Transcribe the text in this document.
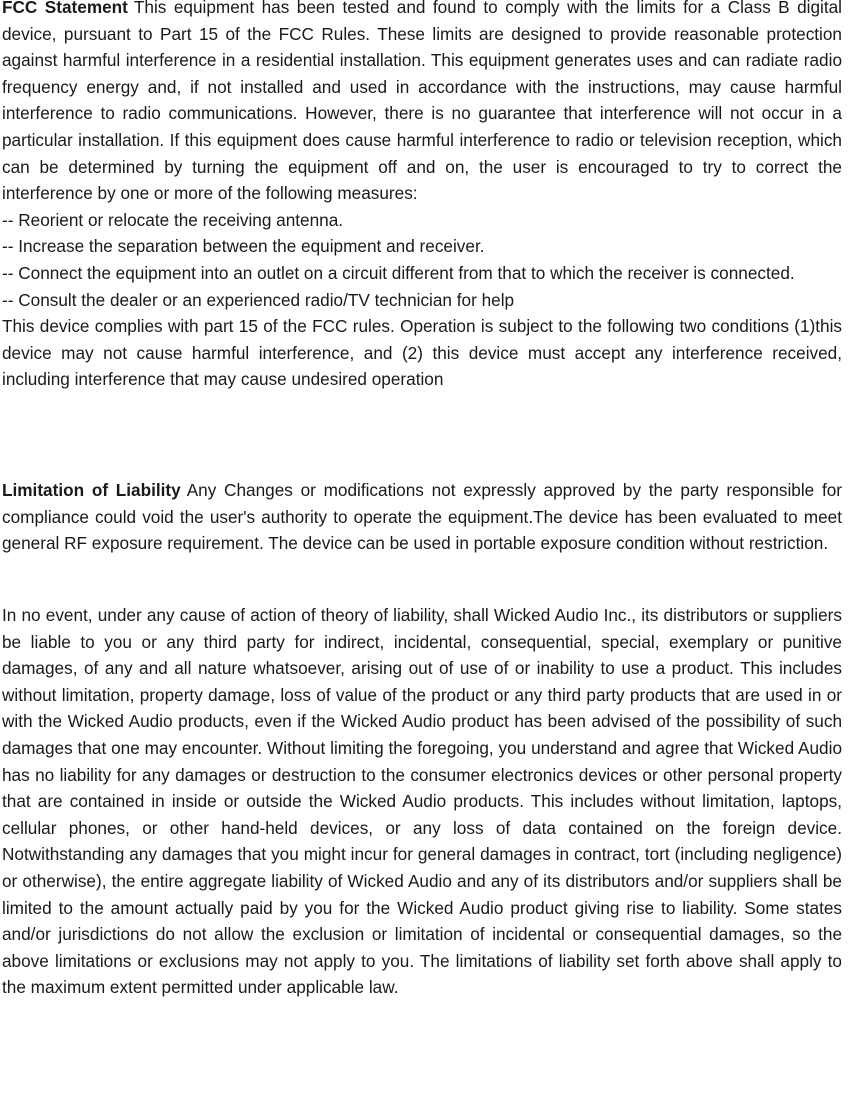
FCC Statement This equipment has been tested and found to comply with the limits for a Class B digital device, pursuant to Part 15 of the FCC Rules. These limits are designed to provide reasonable protection against harmful interference in a residential installation. This equipment generates uses and can radiate radio frequency energy and, if not installed and used in accordance with the instructions, may cause harmful interference to radio communications. However, there is no guarantee that interference will not occur in a particular installation. If this equipment does cause harmful interference to radio or television reception, which can be determined by turning the equipment off and on, the user is encouraged to try to correct the interference by one or more of the following measures:

-- Reorient or relocate the receiving antenna.

-- Increase the separation between the equipment and receiver.

-- Connect the equipment into an outlet on a circuit different from that to which the receiver is connected.

-- Consult the dealer or an experienced radio/TV technician for help

This device complies with part 15 of the FCC rules. Operation is subject to the following two conditions (1)this device may not cause harmful interference, and (2) this device must accept any interference received, including interference that may cause undesired operation

Limitation of Liability Any Changes or modifications not expressly approved by the party responsible for compliance could void the user's authority to operate the equipment.The device has been evaluated to meet general RF exposure requirement. The device can be used in portable exposure condition without restriction.

In no event, under any cause of action of theory of liability, shall Wicked Audio Inc., its distributors or suppliers be liable to you or any third party for indirect, incidental, consequential, special, exemplary or punitive damages, of any and all nature whatsoever, arising out of use of or inability to use a product. This includes without limitation, property damage, loss of value of the product or any third party products that are used in or with the Wicked Audio products, even if the Wicked Audio product has been advised of the possibility of such damages that one may encounter. Without limiting the foregoing, you understand and agree that Wicked Audio has no liability for any damages or destruction to the consumer electronics devices or other personal property that are contained in inside or outside the Wicked Audio products. This includes without limitation, laptops, cellular phones, or other hand-held devices, or any loss of data contained on the foreign device. Notwithstanding any damages that you might incur for general damages in contract, tort (including negligence) or otherwise), the entire aggregate liability of Wicked Audio and any of its distributors and/or suppliers shall be limited to the amount actually paid by you for the Wicked Audio product giving rise to liability. Some states and/or jurisdictions do not allow the exclusion or limitation of incidental or consequential damages, so the above limitations or exclusions may not apply to you. The limitations of liability set forth above shall apply to the maximum extent permitted under applicable law.
